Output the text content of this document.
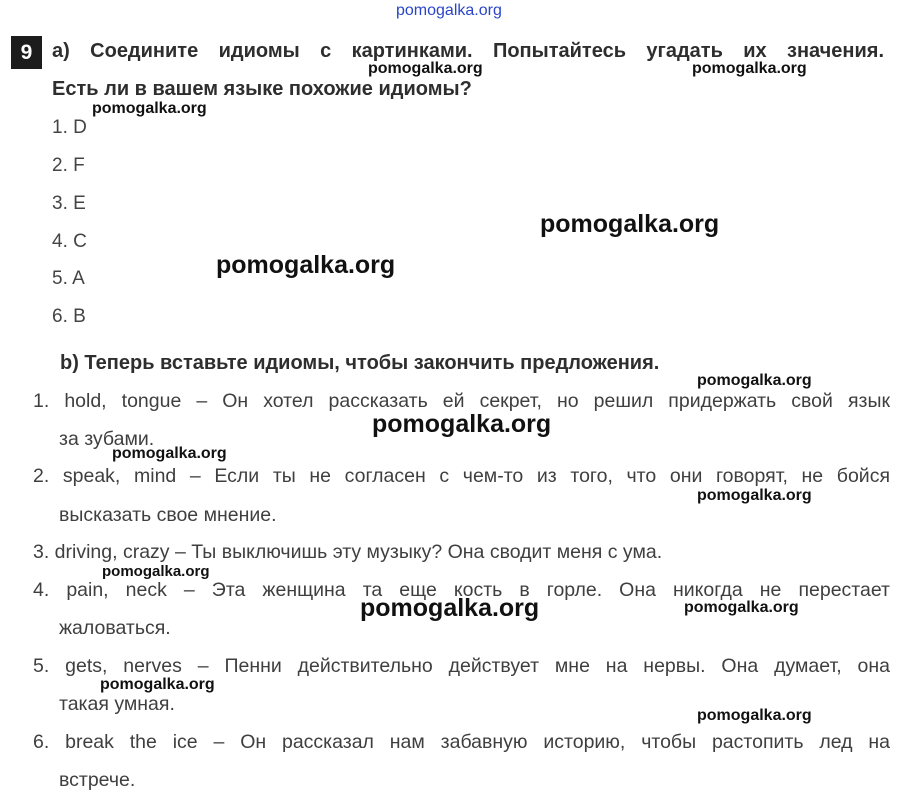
pomogalka.org
9 a) Соедините идиомы с картинками. Попытайтесь угадать их значения.
Есть ли в вашем языке похожие идиомы?
1. D
2. F
3. E
4. C
5. A
6. B
b) Теперь вставьте идиомы, чтобы закончить предложения.
1. hold, tongue – Он хотел рассказать ей секрет, но решил придержать свой язык
за зубами.
2. speak, mind – Если ты не согласен с чем-то из того, что они говорят, не бойся
высказать свое мнение.
3. driving, crazy – Ты выключишь эту музыку? Она сводит меня с ума.
4. pain, neck – Эта женщина та еще кость в горле. Она никогда не перестает
жаловаться.
5. gets, nerves – Пенни действительно действует мне на нервы. Она думает, она
такая умная.
6. break the ice – Он рассказал нам забавную историю, чтобы растопить лед на
встрече.
pomogalka.org	pomogalka.org
pomogalka.org
pomogalka.org
pomogalka.org
pomogalka.org
pomogalka.org
pomogalka.org
pomogalka.org
pomogalka.org
pomogalka.org	pomogalka.org
pomogalka.org
pomogalka.org
